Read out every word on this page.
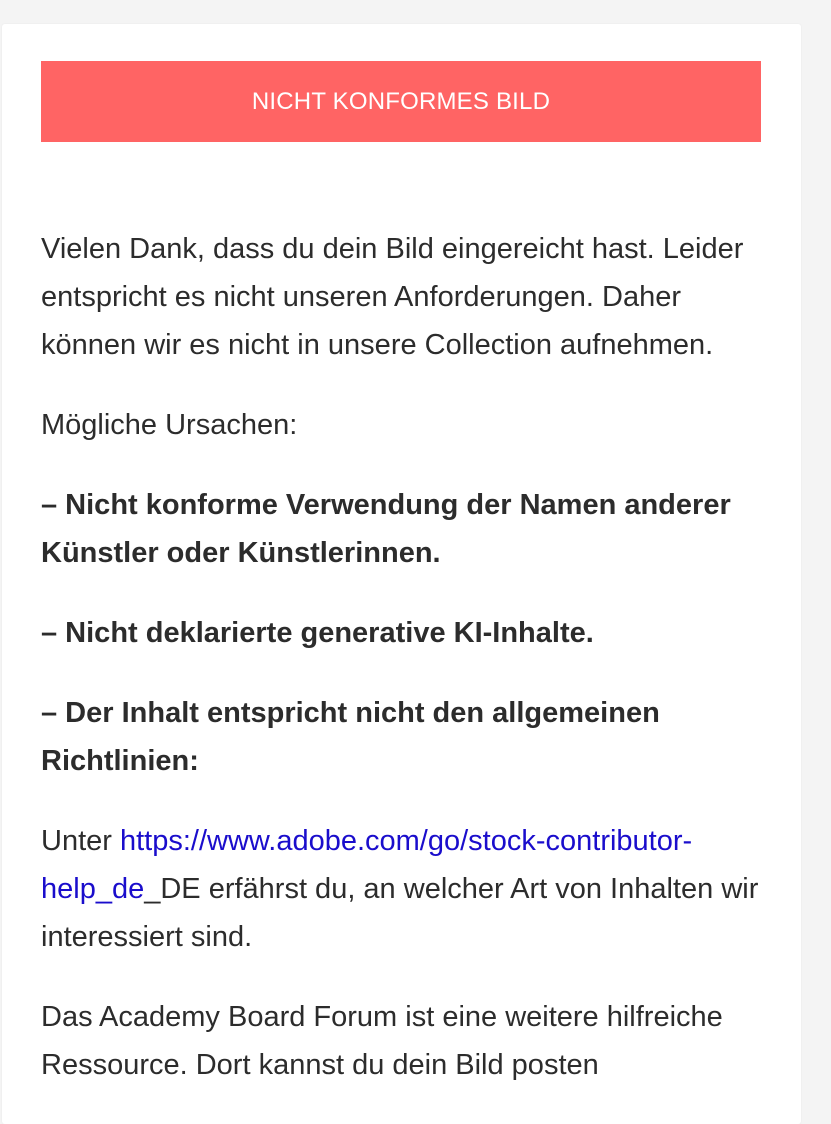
NICHT KONFORMES BILD

Vielen Dank, dass du dein Bild eingereicht hast. Leider entspricht es nicht unseren Anforderungen. Daher können wir es nicht in unsere Collection aufnehmen.

Mögliche Ursachen:

– Nicht konforme Verwendung der Namen anderer Künstler oder Künstlerinnen.

– Nicht deklarierte generative KI-Inhalte.

– Der Inhalt entspricht nicht den allgemeinen Richtlinien:

Unter https://www.adobe.com/go/stock-contributor-help_de_DE erfährst du, an welcher Art von Inhalten wir interessiert sind.

Das Academy Board Forum ist eine weitere hilfreiche Ressource. Dort kannst du dein Bild posten
